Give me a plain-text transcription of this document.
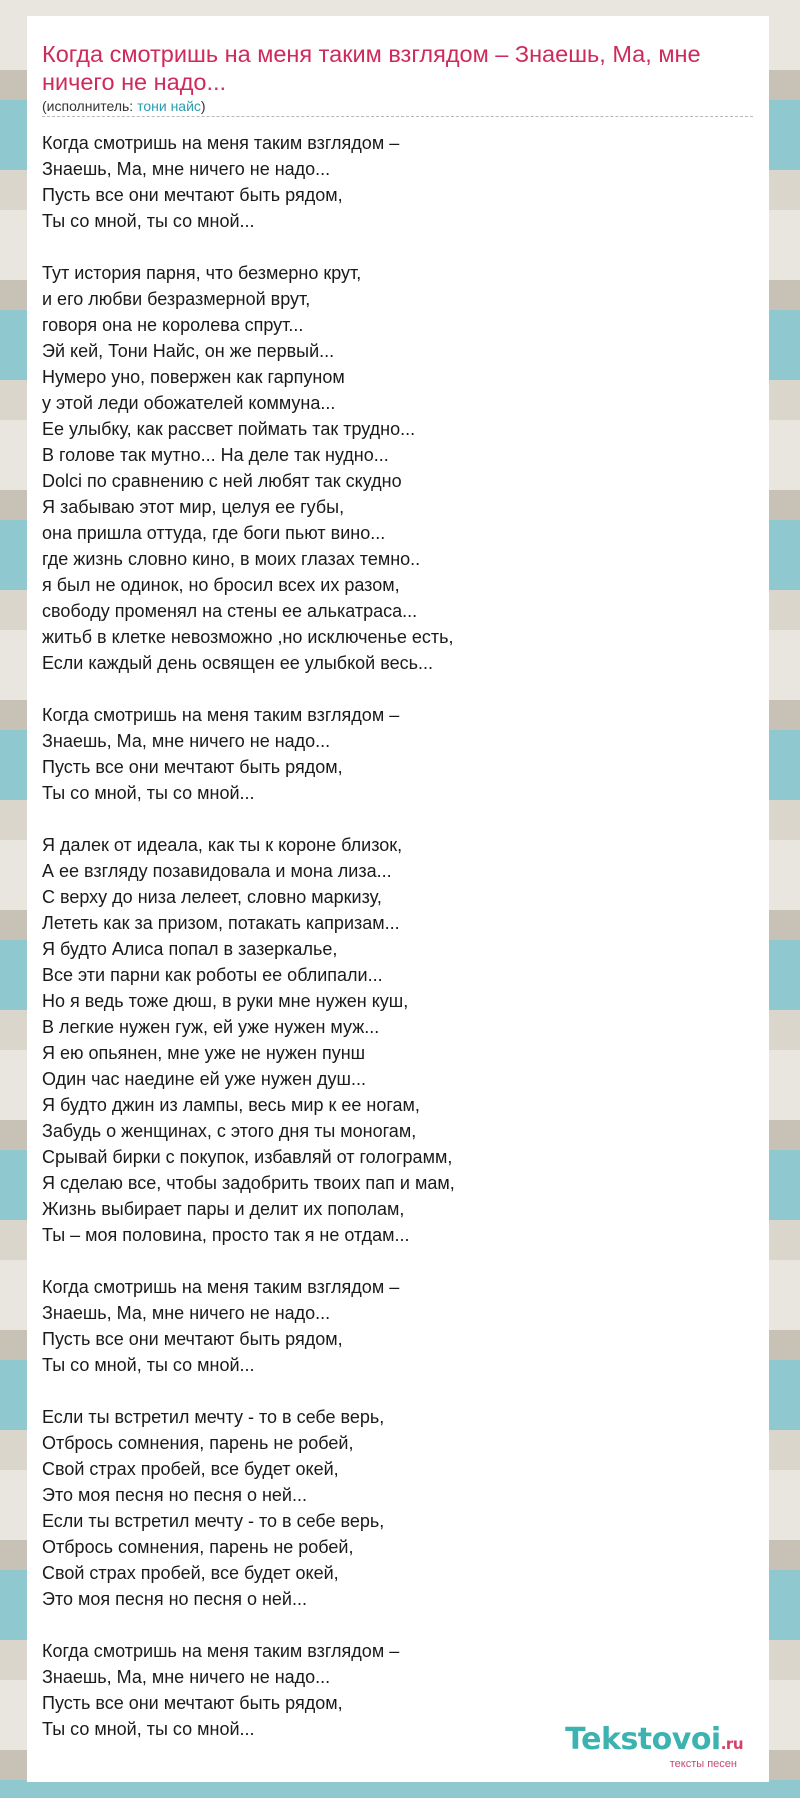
Когда смотришь на меня таким взглядом – Знаешь, Ма, мне ничего не надо...
(исполнитель: тони найс)
Когда смотришь на меня таким взглядом –
Знаешь, Ма, мне ничего не надо...
Пусть все они мечтают быть рядом,
Ты со мной, ты со мной...
Тут история парня, что безмерно крут,
и его любви безразмерной врут,
говоря она не королева спрут...
Эй кей, Тони Найс, он же первый...
Нумеро уно, повержен как гарпуном
у этой леди обожателей коммуна...
Ее улыбку, как рассвет поймать так трудно...
В голове так мутно... На деле так нудно...
Dolci по сравнению с ней любят так скудно
Я забываю этот мир, целуя ее губы,
она пришла оттуда, где боги пьют вино...
где жизнь словно кино, в моих глазах темно..
я был не одинок, но бросил всех их разом,
свободу променял на стены ее алькатраса...
житьб в клетке невозможно ,но исключенье есть,
Если каждый день освящен ее улыбкой весь...
Когда смотришь на меня таким взглядом –
Знаешь, Ма, мне ничего не надо...
Пусть все они мечтают быть рядом,
Ты со мной, ты со мной...
Я далек от идеала, как ты к короне близок,
А ее взгляду позавидовала и мона лиза...
С верху до низа лелеет, словно маркизу,
Лететь как за призом, потакать капризам...
Я будто Алиса попал в зазеркалье,
Все эти парни как роботы ее облипали...
Но я ведь тоже дюш, в руки мне нужен куш,
В легкие нужен гуж, ей уже нужен муж...
Я ею опьянен, мне уже не нужен пунш
Один час наедине ей уже нужен душ...
Я будто джин из лампы, весь мир к ее ногам,
Забудь о женщинах, с этого дня ты моногам,
Срывай бирки с покупок, избавляй от голограмм,
Я сделаю все, чтобы задобрить твоих пап и мам,
Жизнь выбирает пары и делит их пополам,
Ты – моя половина, просто так я не отдам...
Когда смотришь на меня таким взглядом –
Знаешь, Ма, мне ничего не надо...
Пусть все они мечтают быть рядом,
Ты со мной, ты со мной...
Если ты встретил мечту - то в себе верь,
Отбрось сомнения, парень не робей,
Свой страх пробей, все будет окей,
Это моя песня но песня о ней...
Если ты встретил мечту - то в себе верь,
Отбрось сомнения, парень не робей,
Свой страх пробей, все будет окей,
Это моя песня но песня о ней...
Когда смотришь на меня таким взглядом –
Знаешь, Ма, мне ничего не надо...
Пусть все они мечтают быть рядом,
Ты со мной, ты со мной...	Tekstovoi.ru
тексты песен
